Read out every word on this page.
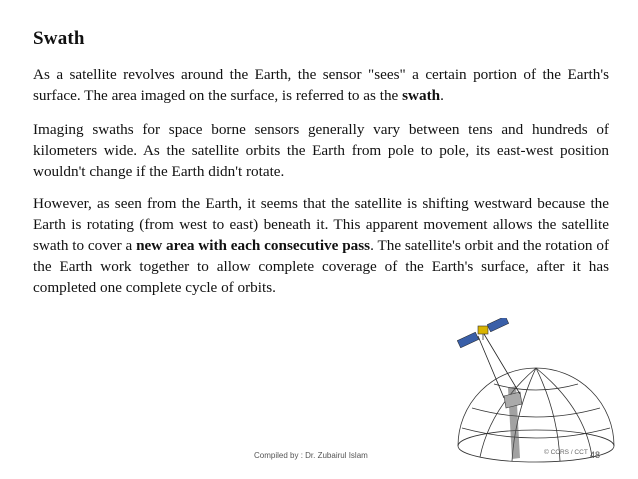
Swath

As a satellite revolves around the Earth, the sensor "sees" a certain portion of the Earth's surface. The area imaged on the surface, is referred to as the swath.

Imaging swaths for space borne sensors generally vary between tens and hundreds of kilometers wide. As the satellite orbits the Earth from pole to pole, its east-west position wouldn't change if the Earth didn't rotate.

However, as seen from the Earth, it seems that the satellite is shifting westward because the Earth is rotating (from west to east) beneath it. This apparent movement allows the satellite swath to cover a new area with each consecutive pass. The satellite's orbit and the rotation of the Earth work together to allow complete coverage of the Earth's surface, after it has completed one complete cycle of orbits.

© CCRS / CCT
Compiled by : Dr. Zubairul Islam	48
